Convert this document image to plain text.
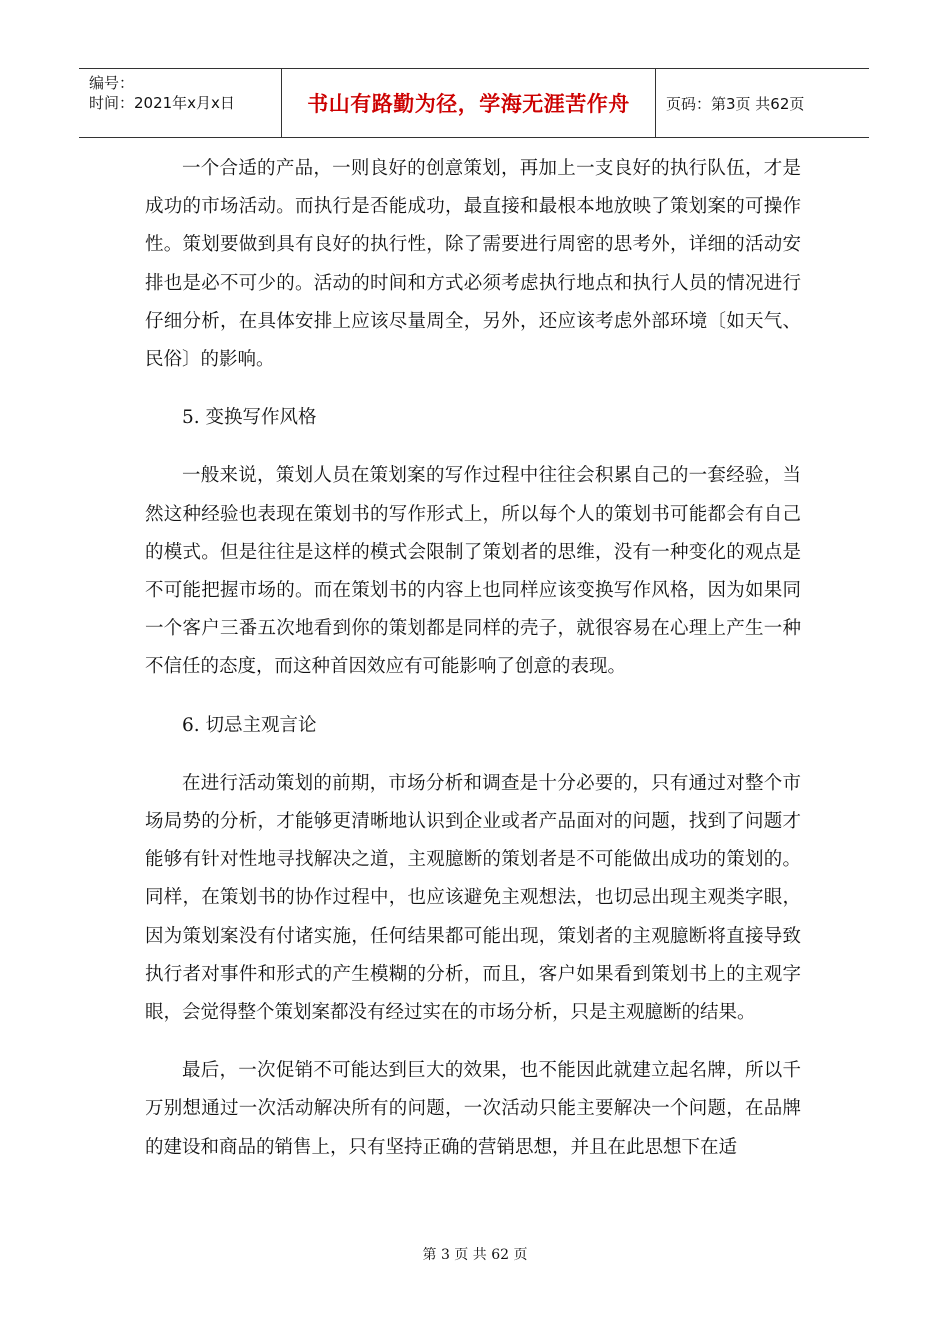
编号：
时间：2021年x月x日	书山有路勤为径，学海无涯苦作舟 页码：第3页 共62页

一个合适的产品，一则良好的创意策划，再加上一支良好的执行队伍，才是成功的市场活动。而执行是否能成功，最直接和最根本地放映了策划案的可操作性。策划要做到具有良好的执行性，除了需要进行周密的思考外，详细的活动安排也是必不可少的。活动的时间和方式必须考虑执行地点和执行人员的情况进行仔细分析，在具体安排上应该尽量周全，另外，还应该考虑外部环境〔如天气、民俗〕的影响。

5. 变换写作风格

一般来说，策划人员在策划案的写作过程中往往会积累自己的一套经验，当然这种经验也表现在策划书的写作形式上，所以每个人的策划书可能都会有自己的模式。但是往往是这样的模式会限制了策划者的思维，没有一种变化的观点是不可能把握市场的。而在策划书的内容上也同样应该变换写作风格，因为如果同一个客户三番五次地看到你的策划都是同样的壳子，就很容易在心理上产生一种不信任的态度，而这种首因效应有可能影响了创意的表现。

6. 切忌主观言论

在进行活动策划的前期，市场分析和调查是十分必要的，只有通过对整个市场局势的分析，才能够更清晰地认识到企业或者产品面对的问题，找到了问题才能够有针对性地寻找解决之道，主观臆断的策划者是不可能做出成功的策划的。同样，在策划书的协作过程中，也应该避免主观想法，也切忌出现主观类字眼，因为策划案没有付诸实施，任何结果都可能出现，策划者的主观臆断将直接导致执行者对事件和形式的产生模糊的分析，而且，客户如果看到策划书上的主观字眼，会觉得整个策划案都没有经过实在的市场分析，只是主观臆断的结果。

最后，一次促销不可能达到巨大的效果，也不能因此就建立起名牌，所以千万别想通过一次活动解决所有的问题，一次活动只能主要解决一个问题，在品牌的建设和商品的销售上，只有坚持正确的营销思想，并且在此思想下在适

第 3 页 共 62 页
